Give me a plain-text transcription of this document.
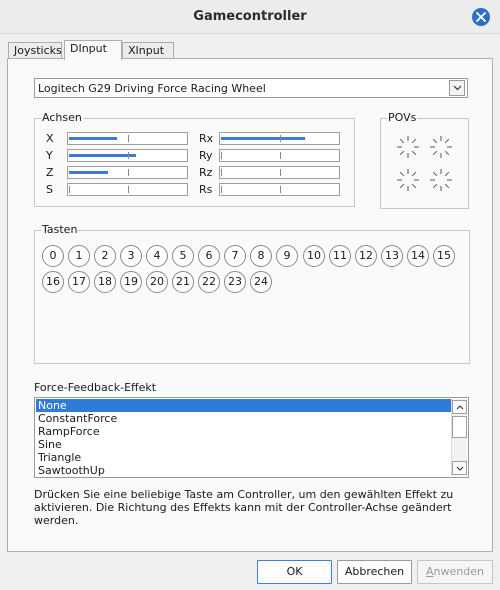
Gamecontroller
Joysticks DInput	XInput
Logitech G29 Driving Force Racing Wheel
Achsen
X
Y
Z
S
Rx
Ry
Rz
Rs
POVs
Tasten
0	1	2	3	4	5	6	7	8	9	10	11	12	13	14	15
16	17	18	19	20	21	22	23	24
Force-Feedback-Effekt
None
ConstantForce
RampForce
Sine
Triangle
SawtoothUp
Drücken Sie eine beliebige Taste am Controller, um den gewählten Effekt zu aktivieren. Die Richtung des Effekts kann mit der Controller-Achse geändert werden.
OK	Abbrechen	Anwenden
